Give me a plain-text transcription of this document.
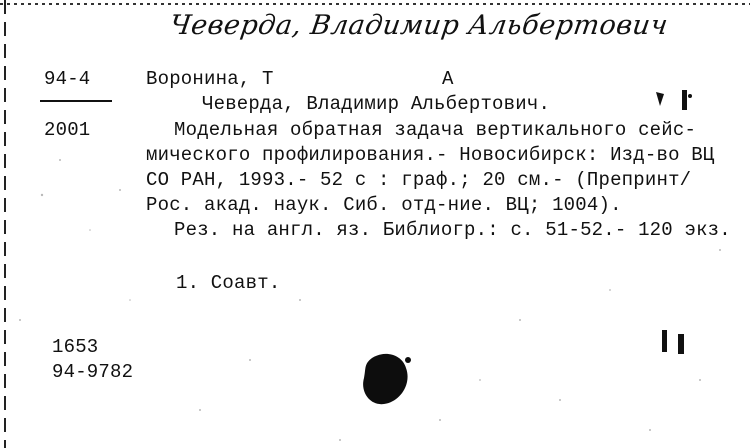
Чеверда, Владимир Альбертович
94-4
2001
Воронина, Т	А
Чеверда, Владимир Альбертович.
Модельная обратная задача вертикального сейс-
мического профилирования.- Новосибирск: Изд-во ВЦ
СО РАН, 1993.- 52 с : граф.; 20 см.- (Препринт/
Рос. акад. наук. Сиб. отд-ние. ВЦ; 1004).
Рез. на англ. яз. Библиогр.: с. 51-52.- 120 экз.
1. Соавт.
1653
94-9782
